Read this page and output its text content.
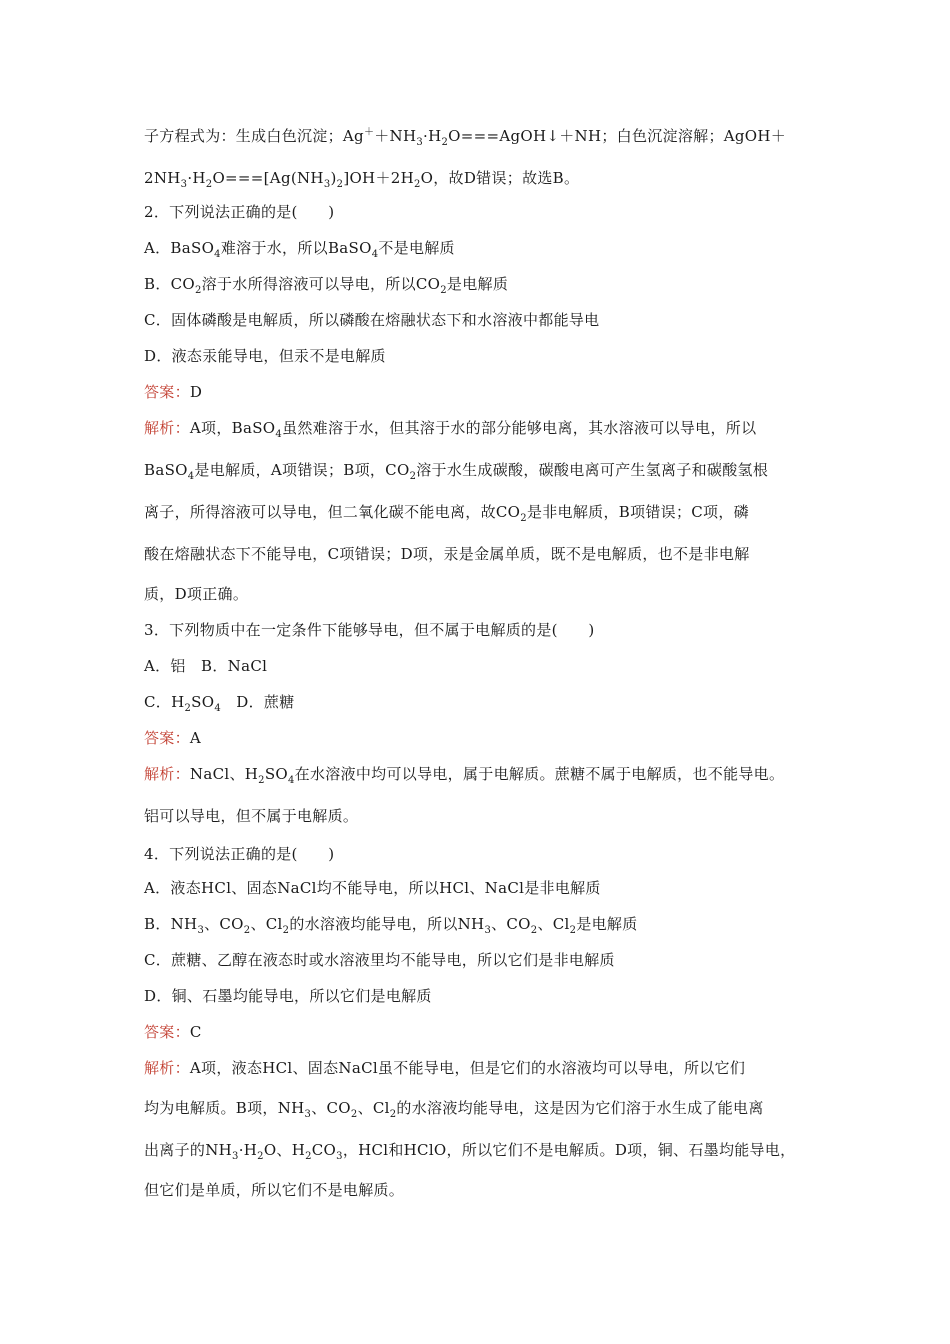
子方程式为：生成白色沉淀；$Ag^++NH_3\cdot H_2O===AgOH↓+NH$；白色沉淀溶解；AgOH＋
$2NH_3\cdot H_2O===[Ag(NH_3)_2]OH+2H_2O$，故D错误；故选B。
2．下列说法正确的是(　　)
A．BaSO$_4$难溶于水，所以BaSO$_4$不是电解质
B．$CO_2$溶于水所得溶液可以导电，所以$CO_2$是电解质
C．固体磷酸是电解质，所以磷酸在熔融状态下和水溶液中都能导电
D．液态汞能导电，但汞不是电解质
答案：D
解析：A项，BaSO$_4$虽然难溶于水，但其溶于水的部分能够电离，其水溶液可以导电，所以
BaSO$_4$是电解质，A项错误；B项，$CO_2$溶于水生成碳酸，碳酸电离可产生氢离子和碳酸氢根
离子，所得溶液可以导电，但二氧化碳不能电离，故$CO_2$是非电解质，B项错误；C项，磷
酸在熔融状态下不能导电，C项错误；D项，汞是金属单质，既不是电解质，也不是非电解
质，D项正确。
3．下列物质中在一定条件下能够导电，但不属于电解质的是(　　)
A．铝　B．NaCl
C．$H_2SO_4$　D．蔗糖
答案：A
解析：NaCl、$H_2SO_4$在水溶液中均可以导电，属于电解质。蔗糖不属于电解质，也不能导电。
铝可以导电，但不属于电解质。
4．下列说法正确的是(　　)
A．液态HCl、固态NaCl均不能导电，所以HCl、NaCl是非电解质
B．$NH_3$、$CO_2$、$Cl_2$的水溶液均能导电，所以$NH_3$、$CO_2$、$Cl_2$是电解质
C．蔗糖、乙醇在液态时或水溶液里均不能导电，所以它们是非电解质
D．铜、石墨均能导电，所以它们是电解质
答案：C
解析：A项，液态HCl、固态NaCl虽不能导电，但是它们的水溶液均可以导电，所以它们
均为电解质。B项，$NH_3$、$CO_2$、$Cl_2$的水溶液均能导电，这是因为它们溶于水生成了能电离
出离子的$NH_3\cdot H_2O$、$H_2CO_3$，HCl和HClO，所以它们不是电解质。D项，铜、石墨均能导电，
但它们是单质，所以它们不是电解质。
